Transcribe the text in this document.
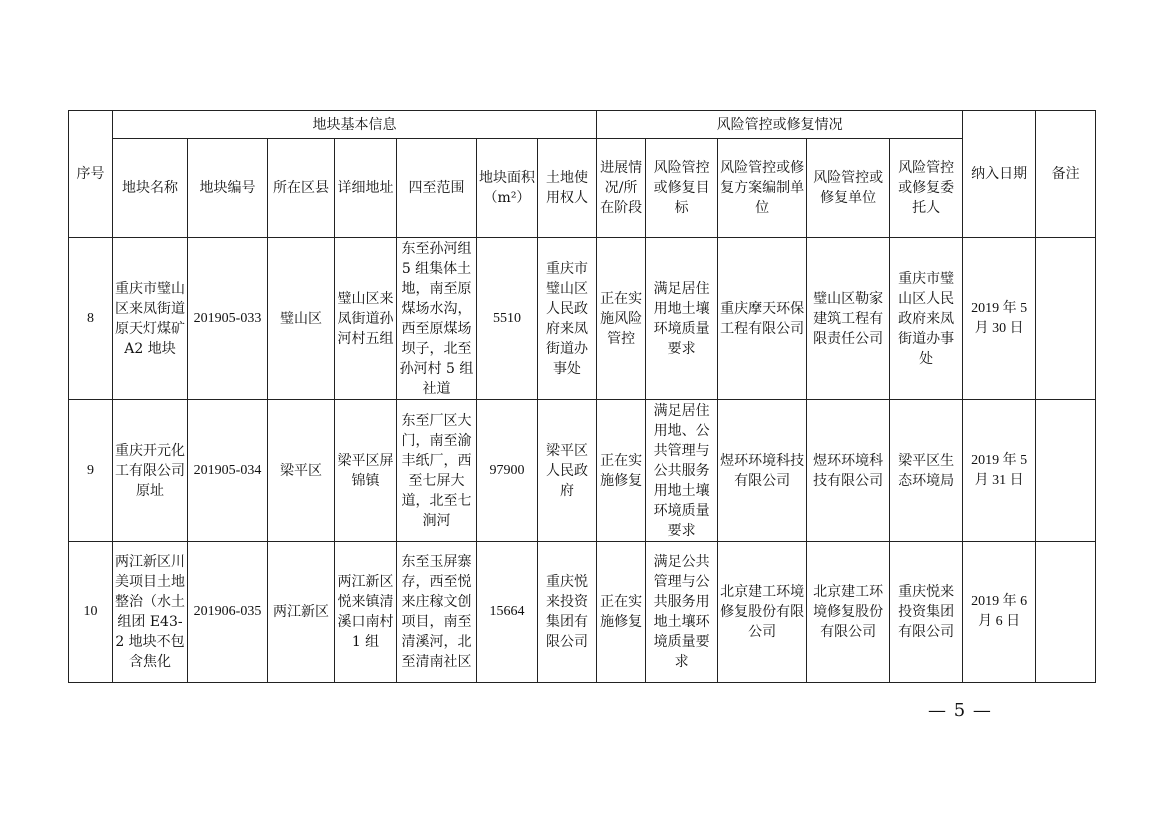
序号	地块基本信息							风险管控或修复情况					纳入日期	备注
	地块名称	地块编号	所在区县	详细地址	四至范围	地块面积（m²）	土地使用权人	进展情况/所在阶段	风险管控或修复目标	风险管控或修复方案编制单位	风险管控或修复单位	风险管控或修复委托人		
8	重庆市璧山区来凤街道原天灯煤矿 A2 地块	201905-033	璧山区	璧山区来凤街道孙河村五组	东至孙河组 5 组集体土地，南至原煤场水沟，西至原煤场坝子，北至孙河村 5 组社道	5510	重庆市璧山区人民政府来凤街道办事处	正在实施风险管控	满足居住用地土壤环境质量要求	重庆摩天环保工程有限公司	璧山区勒家建筑工程有限责任公司	重庆市璧山区人民政府来凤街道办事处	2019 年 5 月 30 日	
9	重庆开元化工有限公司原址	201905-034	梁平区	梁平区屏锦镇	东至厂区大门，南至渝丰纸厂，西至七屏大道，北至七涧河	97900	梁平区人民政府	正在实施修复	满足居住用地、公共管理与公共服务用地土壤环境质量要求	煜环环境科技有限公司	煜环环境科技有限公司	梁平区生态环境局	2019 年 5 月 31 日	
10	两江新区川美项目土地整治（水土组团 E43-2 地块不包含焦化	201906-035	两江新区	两江新区悦来镇清溪口南村 1 组	东至玉屏寨存，西至悦来庄稼文创项目，南至清溪河，北至清南社区	15664	重庆悦来投资集团有限公司	正在实施修复	满足公共管理与公共服务用地土壤环境质量要求	北京建工环境修复股份有限公司	北京建工环境修复股份有限公司	重庆悦来投资集团有限公司	2019 年 6 月 6 日	
— 5 —
